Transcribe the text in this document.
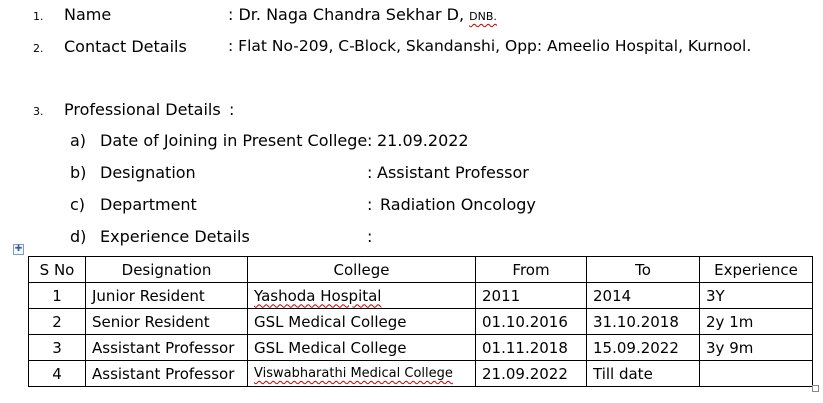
1. Name	: Dr. Naga Chandra Sekhar D, DNB.
2. Contact Details	: Flat No-209, C-Block, Skandanshi, Opp: Ameelio Hospital, Kurnool.
3. Professional Details :
a) Date of Joining in Present College : 21.09.2022
b) Designation	: Assistant Professor
c) Department	: Radiation Oncology
d) Experience Details	:
✚
S No	Designation	College	From	To	Experience
1	Junior Resident	Yashoda Hospital	2011	2014	3Y
2	Senior Resident	GSL Medical College	01.10.2016	31.10.2018	2y 1m
3	Assistant Professor	GSL Medical College	01.11.2018	15.09.2022	3y 9m
4	Assistant Professor	Viswabharathi Medical College	21.09.2022	Till date	
